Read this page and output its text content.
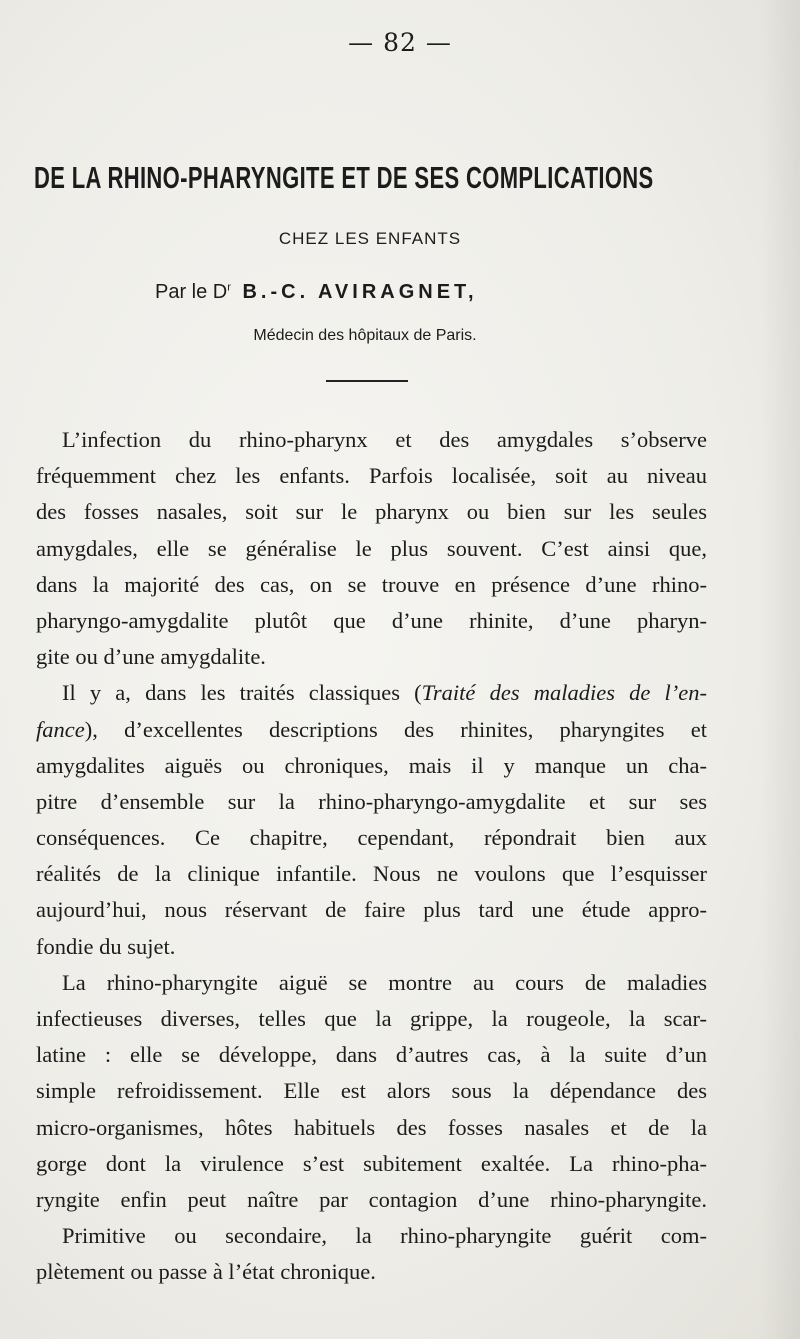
— 82 —
DE LA RHINO-PHARYNGITE ET DE SES COMPLICATIONS
CHEZ LES ENFANTS
Par le $D^r$ B.-C. AVIRAGNET,
Médecin des hôpitaux de Paris.
L’infection du rhino-pharynx et des amygdales s’observe
fréquemment chez les enfants. Parfois localisée, soit au niveau
des fosses nasales, soit sur le pharynx ou bien sur les seules
amygdales, elle se généralise le plus souvent. C’est ainsi que,
dans la majorité des cas, on se trouve en présence d’une rhino-
pharyngo-amygdalite plutôt que d’une rhinite, d’une pharyn-
gite ou d’une amygdalite.
Il y a, dans les traités classiques (Traité des maladies de l’en-
fance), d’excellentes descriptions des rhinites, pharyngites et
amygdalites aiguës ou chroniques, mais il y manque un cha-
pitre d’ensemble sur la rhino-pharyngo-amygdalite et sur ses
conséquences. Ce chapitre, cependant, répondrait bien aux
réalités de la clinique infantile. Nous ne voulons que l’esquisser
aujourd’hui, nous réservant de faire plus tard une étude appro-
fondie du sujet.
La rhino-pharyngite aiguë se montre au cours de maladies
infectieuses diverses, telles que la grippe, la rougeole, la scar-
latine : elle se développe, dans d’autres cas, à la suite d’un
simple refroidissement. Elle est alors sous la dépendance des
micro-organismes, hôtes habituels des fosses nasales et de la
gorge dont la virulence s’est subitement exaltée. La rhino-pha-
ryngite enfin peut naître par contagion d’une rhino-pharyngite.
Primitive ou secondaire, la rhino-pharyngite guérit com-
plètement ou passe à l’état chronique.
